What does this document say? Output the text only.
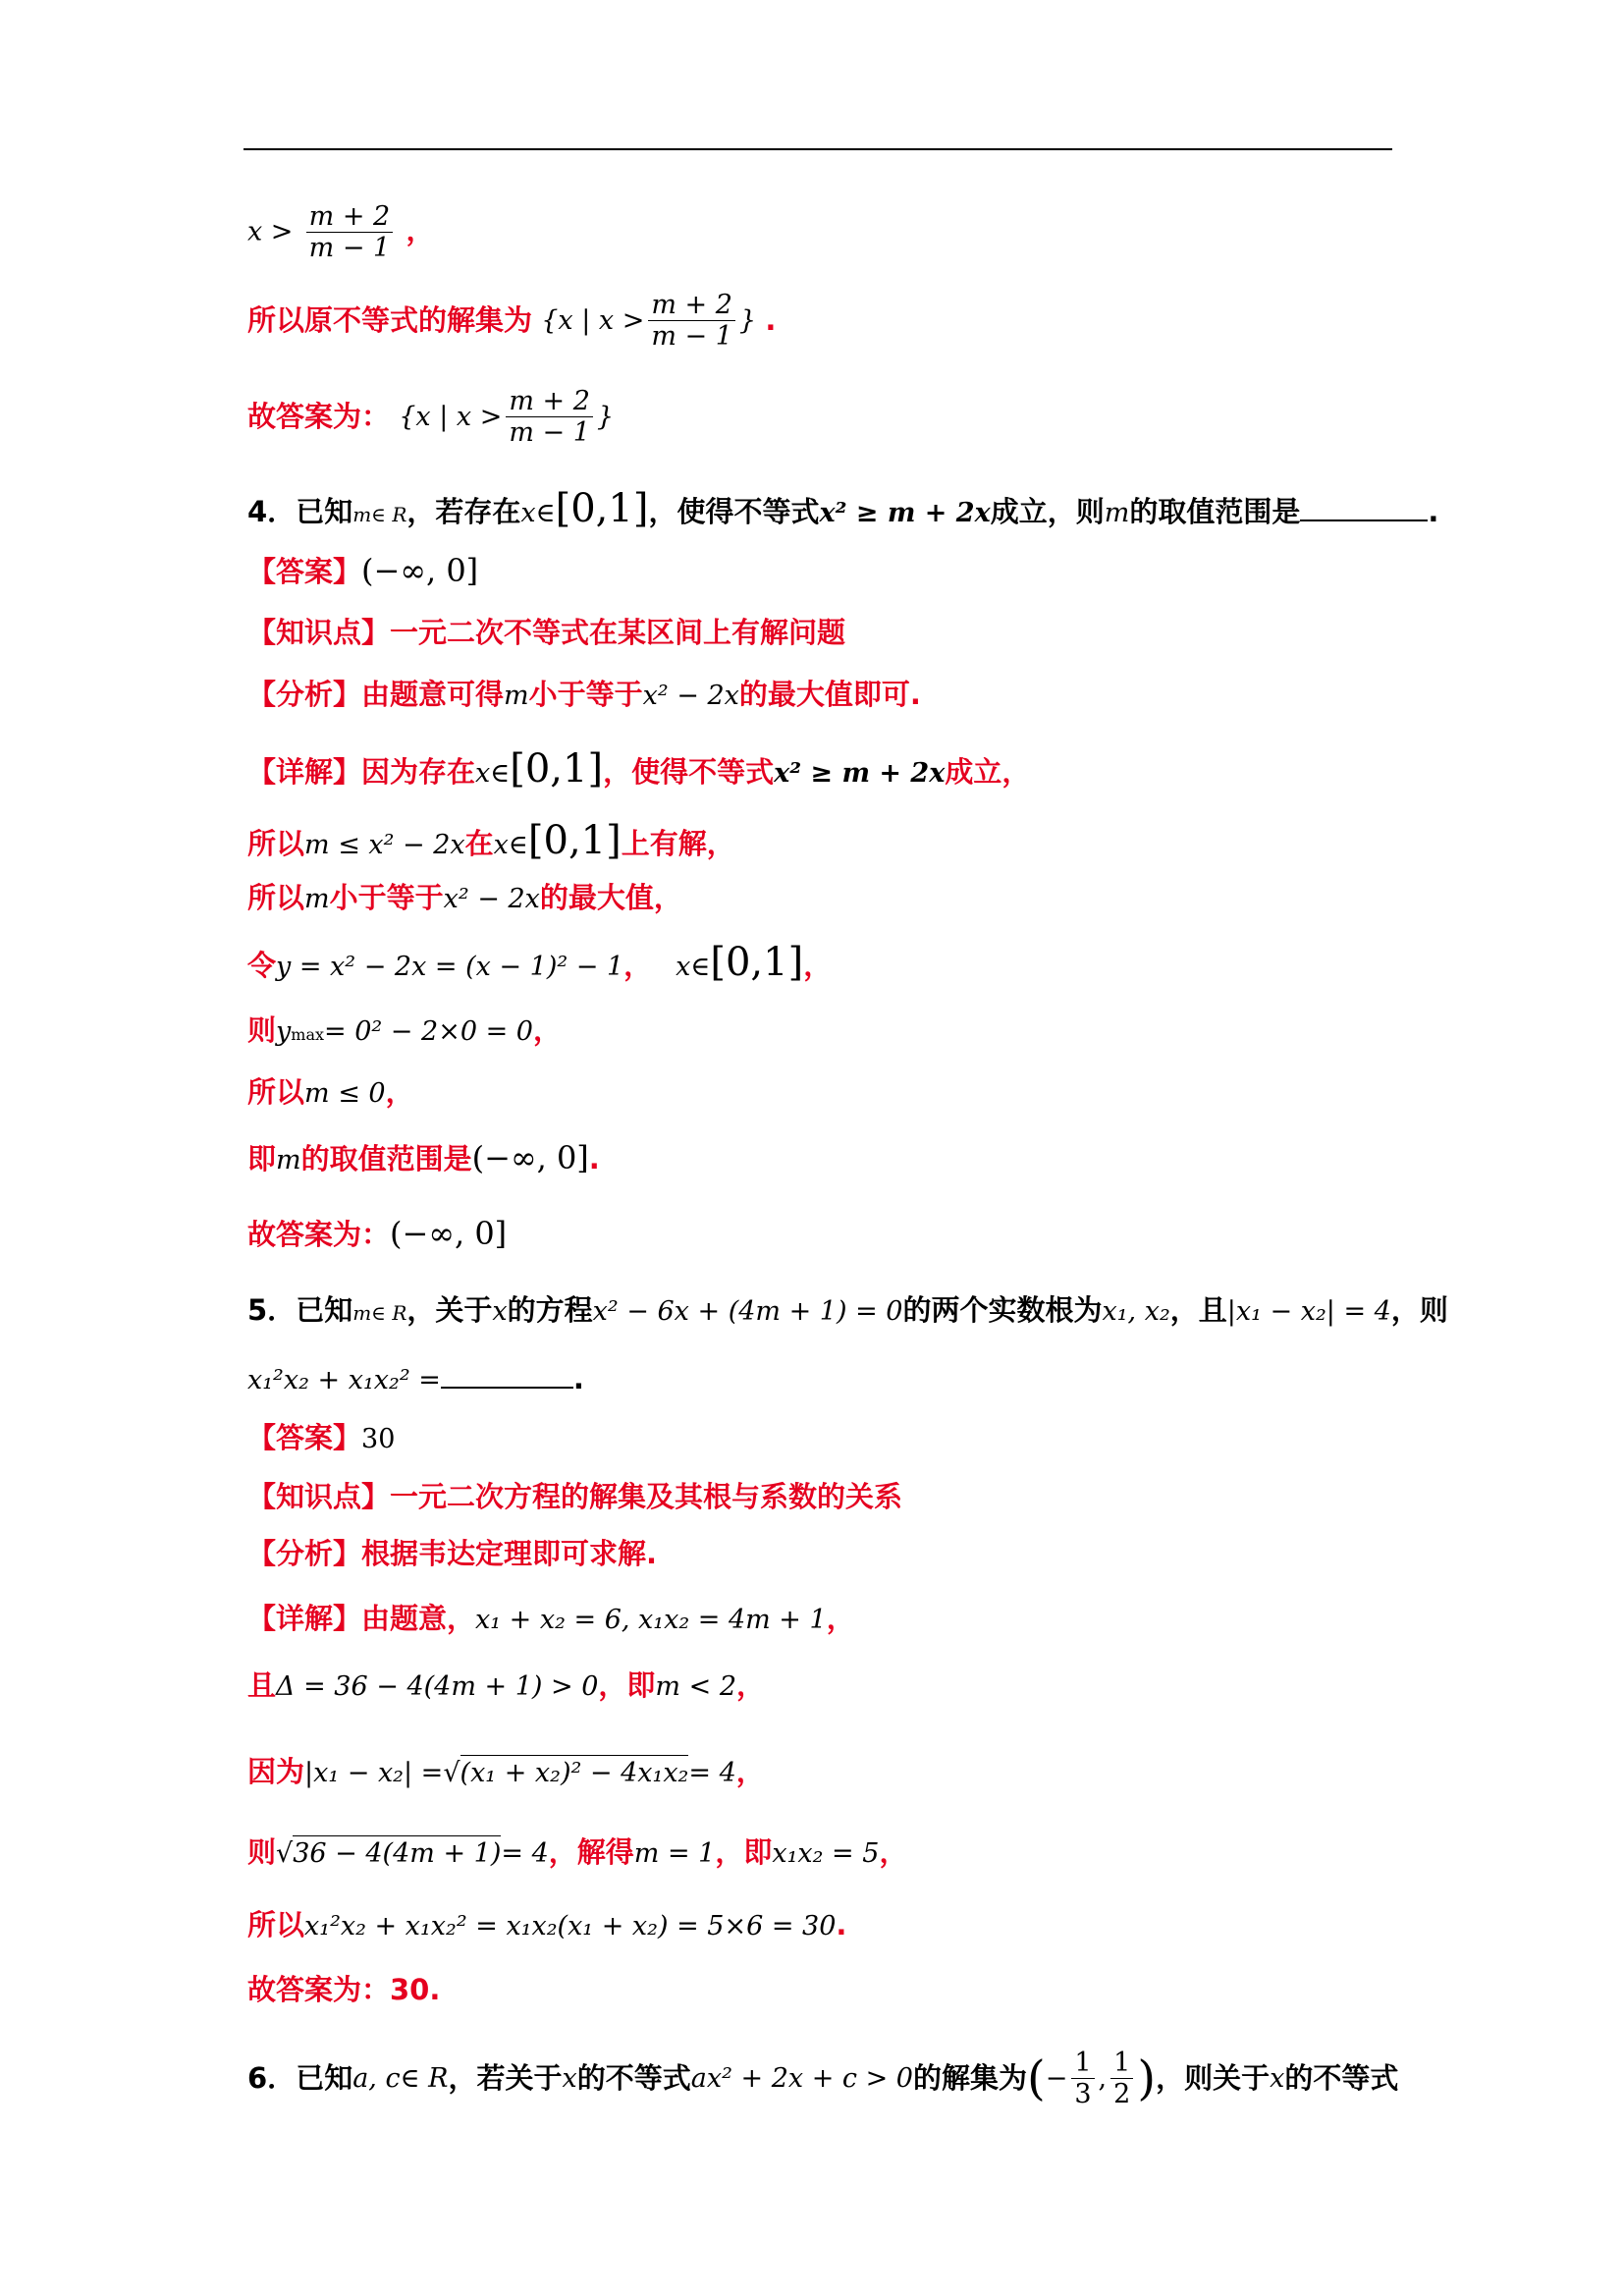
$x > \frac{m + 2}{m - 1}$ ，
所以原不等式的解集为 {x | $x > \frac{m + 2}{m - 1}$ } .
故答案为： {x | $x > \frac{m + 2}{m - 1}$ }
4．已知m∈ R，若存在x∈[0,1]，使得不等式x² ≥ m + 2x成立，则m的取值范围是	.
【答案】(−∞, 0]
【知识点】一元二次不等式在某区间上有解问题
【分析】由题意可得m小于等于x² − 2x的最大值即可.
【详解】因为存在x∈[0,1]，使得不等式x² ≥ m + 2x成立，
所以m ≤ x² − 2x在x∈[0,1]上有解，
所以m小于等于x² − 2x的最大值，
令y = x² − 2x = (x − 1)² − 1， x∈[0,1]，
则ymax= 0² − 2×0 = 0，
所以m ≤ 0，
即m的取值范围是(−∞, 0].
故答案为：(−∞, 0]
5．已知m∈ R，关于x的方程x² − 6x + (4m + 1) = 0的两个实数根为x₁, x₂，且|x₁ − x₂| = 4，则
x₁²x₂ + x₁x₂² =	.
【答案】30
【知识点】一元二次方程的解集及其根与系数的关系
【分析】根据韦达定理即可求解.
【详解】由题意，x₁ + x₂ = 6, x₁x₂ = 4m + 1，
且Δ = 36 − 4(4m + 1) > 0，即m < 2，
因为|x₁ − x₂| =√(x₁ + x₂)² − 4x₁x₂= 4，
则√36 − 4(4m + 1)= 4，解得m = 1，即x₁x₂ = 5，
所以x₁²x₂ + x₁x₂² = x₁x₂(x₁ + x₂) = 5×6 = 30.
故答案为：30.
6．已知a, c∈ R，若关于x的不等式ax² + 2x + c > 0的解集为(− $\frac{1}{3}$ , $\frac{1}{2}$ )，则关于x的不等式
